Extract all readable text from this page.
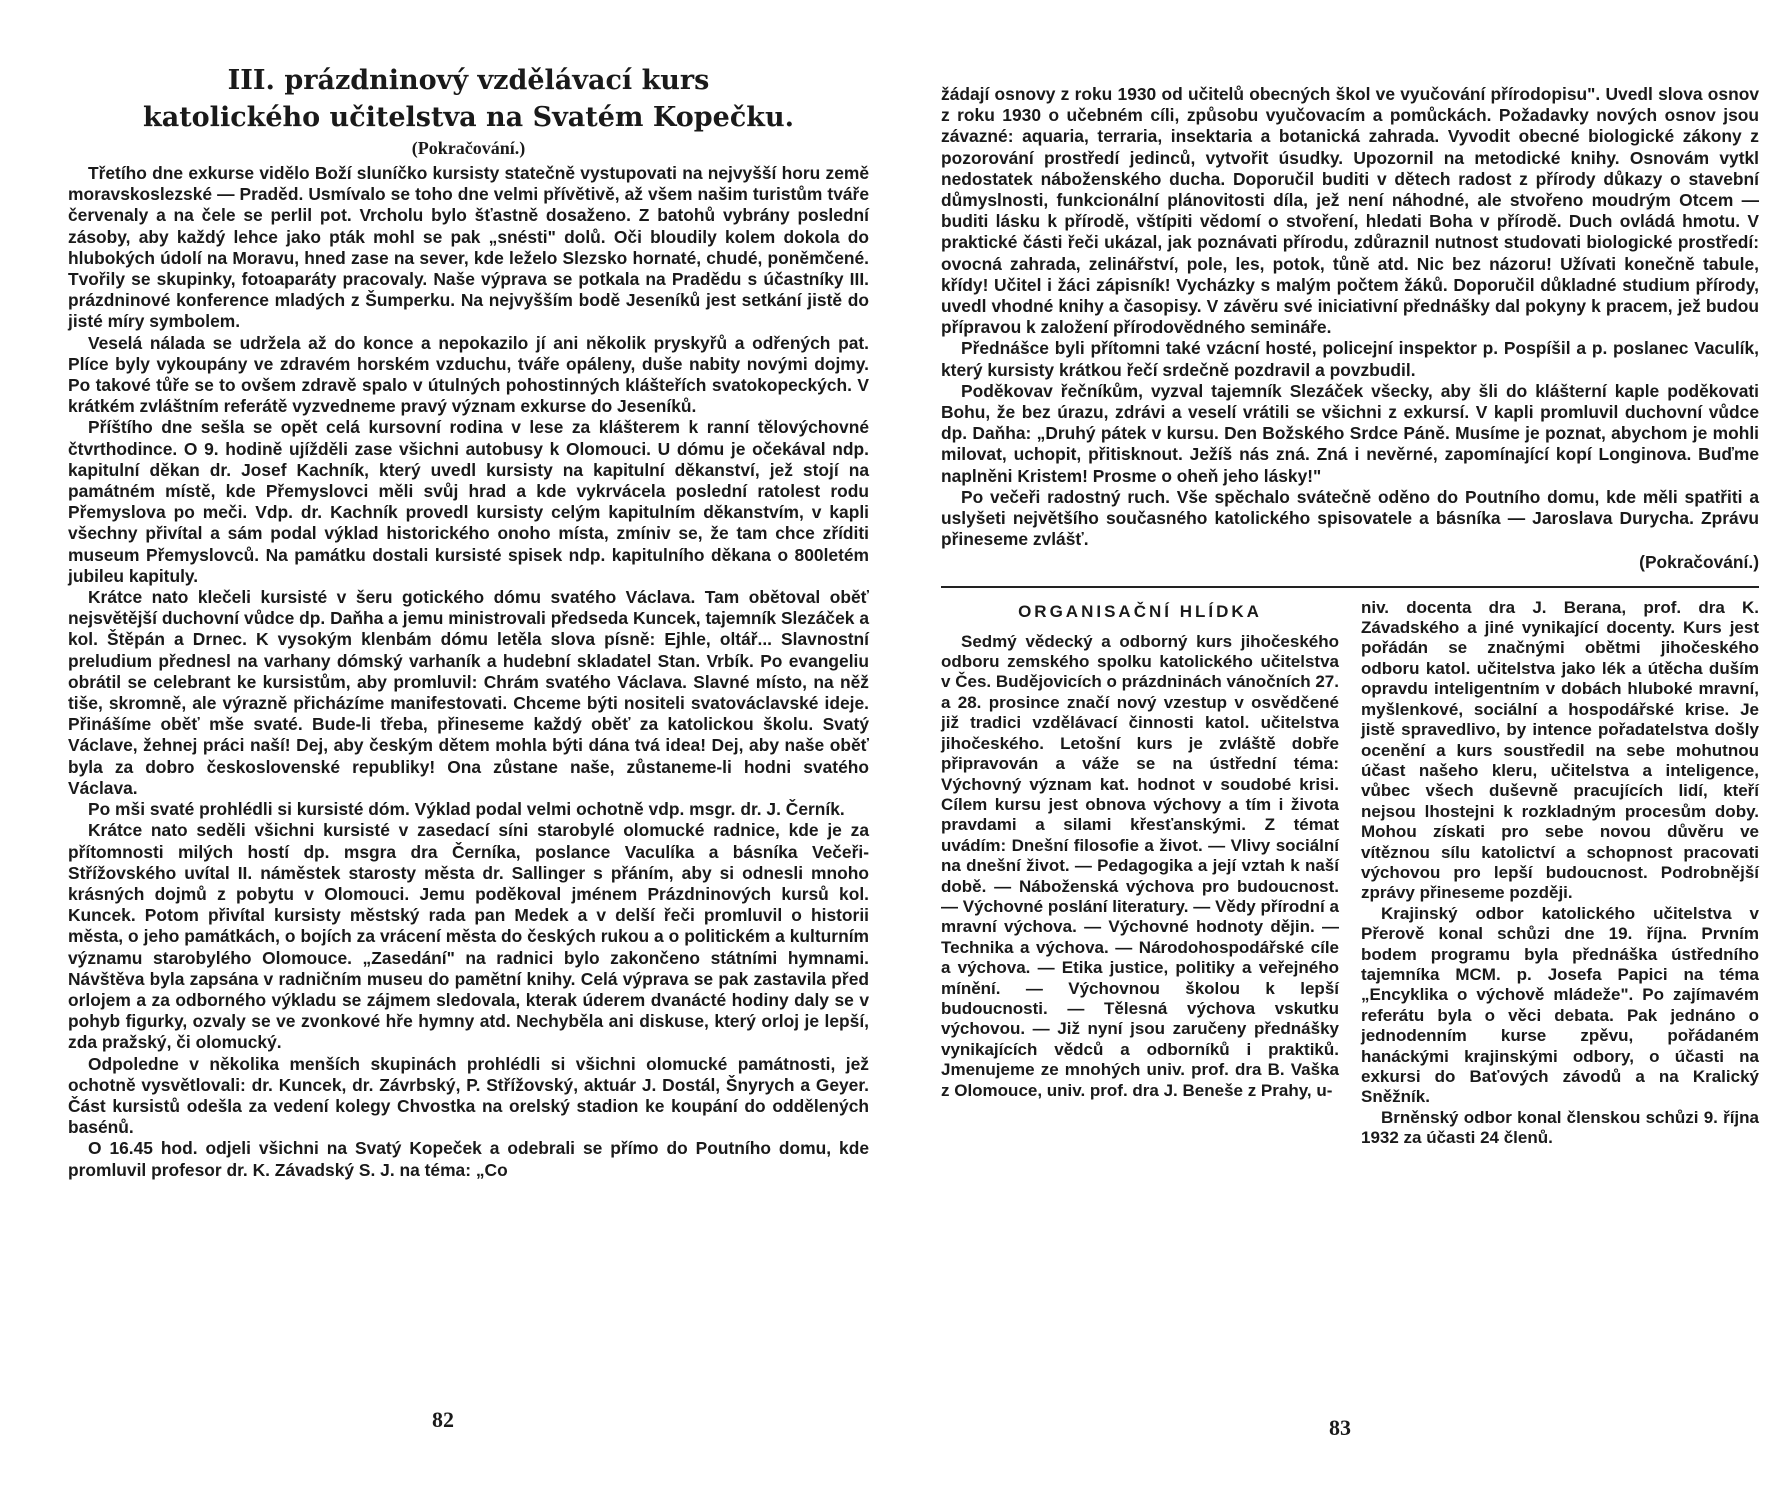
III. prázdninový vzdělávací kurs
katolického učitelstva na Svatém Kopečku.
(Pokračování.)

Třetího dne exkurse vidělo Boží sluníčko kursisty statečně vystupovati na nejvyšší horu země moravskoslezské — Praděd. Usmívalo se toho dne velmi přívětivě, až všem našim turistům tváře červenaly a na čele se perlil pot. Vrcholu bylo šťastně dosaženo. Z batohů vybrány poslední zásoby, aby každý lehce jako pták mohl se pak „snésti" dolů. Oči bloudily kolem dokola do hlubokých údolí na Moravu, hned zase na sever, kde leželo Slezsko hornaté, chudé, poněmčené. Tvořily se skupinky, fotoaparáty pracovaly. Naše výprava se potkala na Pradědu s účastníky III. prázdninové konference mladých z Šumperku. Na nejvyšším bodě Jeseníků jest setkání jistě do jisté míry symbolem.

Veselá nálada se udržela až do konce a nepokazilo jí ani několik pryskyřů a odřených pat. Plíce byly vykoupány ve zdravém horském vzduchu, tváře opáleny, duše nabity novými dojmy. Po takové tůře se to ovšem zdravě spalo v útulných pohostinných klášteřích svatokopeckých. V krátkém zvláštním referátě vyzvedneme pravý význam exkurse do Jeseníků.

Příštího dne sešla se opět celá kursovní rodina v lese za klášterem k ranní tělovýchovné čtvrthodince. O 9. hodině ujížděli zase všichni autobusy k Olomouci. U dómu je očekával ndp. kapitulní děkan dr. Josef Kachník, který uvedl kursisty na kapitulní děkanství, jež stojí na památném místě, kde Přemyslovci měli svůj hrad a kde vykrvácela poslední ratolest rodu Přemyslova po meči. Vdp. dr. Kachník provedl kursisty celým kapitulním děkanstvím, v kapli všechny přivítal a sám podal výklad historického onoho místa, zmíniv se, že tam chce zříditi museum Přemyslovců. Na památku dostali kursisté spisek ndp. kapitulního děkana o 800letém jubileu kapituly.

Krátce nato klečeli kursisté v šeru gotického dómu svatého Václava. Tam obětoval oběť nejsvětější duchovní vůdce dp. Daňha a jemu ministrovali předseda Kuncek, tajemník Slezáček a kol. Štěpán a Drnec. K vysokým klenbám dómu letěla slova písně: Ejhle, oltář... Slavnostní preludium přednesl na varhany dómský varhaník a hudební skladatel Stan. Vrbík. Po evangeliu obrátil se celebrant ke kursistům, aby promluvil: Chrám svatého Václava. Slavné místo, na něž tiše, skromně, ale výrazně přicházíme manifestovati. Chceme býti nositeli svatováclavské ideje. Přinášíme oběť mše svaté. Bude-li třeba, přineseme každý oběť za katolickou školu. Svatý Václave, žehnej práci naší! Dej, aby českým dětem mohla býti dána tvá idea! Dej, aby naše oběť byla za dobro československé republiky! Ona zůstane naše, zůstaneme-li hodni svatého Václava.

Po mši svaté prohlédli si kursisté dóm. Výklad podal velmi ochotně vdp. msgr. dr. J. Černík.

Krátce nato seděli všichni kursisté v zasedací síni starobylé olomucké radnice, kde je za přítomnosti milých hostí dp. msgra dra Černíka, poslance Vaculíka a básníka Večeři-Střížovského uvítal II. náměstek starosty města dr. Sallinger s přáním, aby si odnesli mnoho krásných dojmů z pobytu v Olomouci. Jemu poděkoval jménem Prázdninových kursů kol. Kuncek. Potom přivítal kursisty městský rada pan Medek a v delší řeči promluvil o historii města, o jeho památkách, o bojích za vrácení města do českých rukou a o politickém a kulturním významu starobylého Olomouce. „Zasedání" na radnici bylo zakončeno státními hymnami. Návštěva byla zapsána v radničním museu do pamětní knihy. Celá výprava se pak zastavila před orlojem a za odborného výkladu se zájmem sledovala, kterak úderem dvanácté hodiny daly se v pohyb figurky, ozvaly se ve zvonkové hře hymny atd. Nechyběla ani diskuse, který orloj je lepší, zda pražský, či olomucký.

Odpoledne v několika menších skupinách prohlédli si všichni olomucké památnosti, jež ochotně vysvětlovali: dr. Kuncek, dr. Závrbský, P. Střížovský, aktuár J. Dostál, Šnyrych a Geyer. Část kursistů odešla za vedení kolegy Chvostka na orelský stadion ke koupání do oddělených basénů.

O 16.45 hod. odjeli všichni na Svatý Kopeček a odebrali se přímo do Poutního domu, kde promluvil profesor dr. K. Závadský S. J. na téma: „Co

82

žádají osnovy z roku 1930 od učitelů obecných škol ve vyučování přírodopisu". Uvedl slova osnov z roku 1930 o učebném cíli, způsobu vyučovacím a pomůckách. Požadavky nových osnov jsou závazné: aquaria, terraria, insektaria a botanická zahrada. Vyvodit obecné biologické zákony z pozorování prostředí jedinců, vytvořit úsudky. Upozornil na metodické knihy. Osnovám vytkl nedostatek náboženského ducha. Doporučil buditi v dětech radost z přírody důkazy o stavební důmyslnosti, funkcionální plánovitosti díla, jež není náhodné, ale stvořeno moudrým Otcem — buditi lásku k přírodě, vštípiti vědomí o stvoření, hledati Boha v přírodě. Duch ovládá hmotu. V praktické části řeči ukázal, jak poznávati přírodu, zdůraznil nutnost studovati biologické prostředí: ovocná zahrada, zelinářství, pole, les, potok, tůně atd. Nic bez názoru! Užívati konečně tabule, křídy! Učitel i žáci zápisník! Vycházky s malým počtem žáků. Doporučil důkladné studium přírody, uvedl vhodné knihy a časopisy. V závěru své iniciativní přednášky dal pokyny k pracem, jež budou přípravou k založení přírodovědného semináře.

Přednášce byli přítomni také vzácní hosté, policejní inspektor p. Pospíšil a p. poslanec Vaculík, který kursisty krátkou řečí srdečně pozdravil a povzbudil.

Poděkovav řečníkům, vyzval tajemník Slezáček všecky, aby šli do klášterní kaple poděkovati Bohu, že bez úrazu, zdrávi a veselí vrátili se všichni z exkursí. V kapli promluvil duchovní vůdce dp. Daňha: „Druhý pátek v kursu. Den Božského Srdce Páně. Musíme je poznat, abychom je mohli milovat, uchopit, přitisknout. Ježíš nás zná. Zná i nevěrné, zapomínající kopí Longinova. Buďme naplněni Kristem! Prosme o oheň jeho lásky!"

Po večeři radostný ruch. Vše spěchalo svátečně oděno do Poutního domu, kde měli spatřiti a uslyšeti největšího současného katolického spisovatele a básníka — Jaroslava Durycha. Zprávu přineseme zvlášť.

(Pokračování.)
ORGANISAČNÍ HLÍDKA

Sedmý vědecký a odborný kurs jihočeského odboru zemského spolku katolického učitelstva v Čes. Budějovicích o prázdninách vánočních 27. a 28. prosince značí nový vzestup v osvědčené již tradici vzdělávací činnosti katol. učitelstva jihočeského. Letošní kurs je zvláště dobře připravován a váže se na ústřední téma: Výchovný význam kat. hodnot v soudobé krisi. Cílem kursu jest obnova výchovy a tím i života pravdami a silami křesťanskými. Z témat uvádím: Dnešní filosofie a život. — Vlivy sociální na dnešní život. — Pedagogika a její vztah k naší době. — Náboženská výchova pro budoucnost. — Výchovné poslání literatury. — Vědy přírodní a mravní výchova. — Výchovné hodnoty dějin. — Technika a výchova. — Národohospodářské cíle a výchova. — Etika justice, politiky a veřejného mínění. — Výchovnou školou k lepší budoucnosti. — Tělesná výchova vskutku výchovou. — Již nyní jsou zaručeny přednášky vynikajících vědců a odborníků i praktiků. Jmenujeme ze mnohých univ. prof. dra B. Vaška z Olomouce, univ. prof. dra J. Beneše z Prahy, u-

niv. docenta dra J. Berana, prof. dra K. Závadského a jiné vynikající docenty. Kurs jest pořádán se značnými obětmi jihočeského odboru katol. učitelstva jako lék a útěcha duším opravdu inteligentním v dobách hluboké mravní, myšlenkové, sociální a hospodářské krise. Je jistě spravedlivo, by intence pořadatelstva došly ocenění a kurs soustředil na sebe mohutnou účast našeho kleru, učitelstva a inteligence, vůbec všech duševně pracujících lidí, kteří nejsou lhostejni k rozkladným procesům doby. Mohou získati pro sebe novou důvěru ve vítěznou sílu katolictví a schopnost pracovati výchovou pro lepší budoucnost. Podrobnější zprávy přineseme později.

Krajinský odbor katolického učitelstva v Přerově konal schůzi dne 19. října. Prvním bodem programu byla přednáška ústředního tajemníka MCM. p. Josefa Papici na téma „Encyklika o výchově mládeže". Po zajímavém referátu byla o věci debata. Pak jednáno o jednodenním kurse zpěvu, pořádaném hanáckými krajinskými odbory, o účasti na exkursi do Baťových závodů a na Kralický Sněžník.

Brněnský odbor konal členskou schůzi 9. října 1932 za účasti 24 členů.

83
